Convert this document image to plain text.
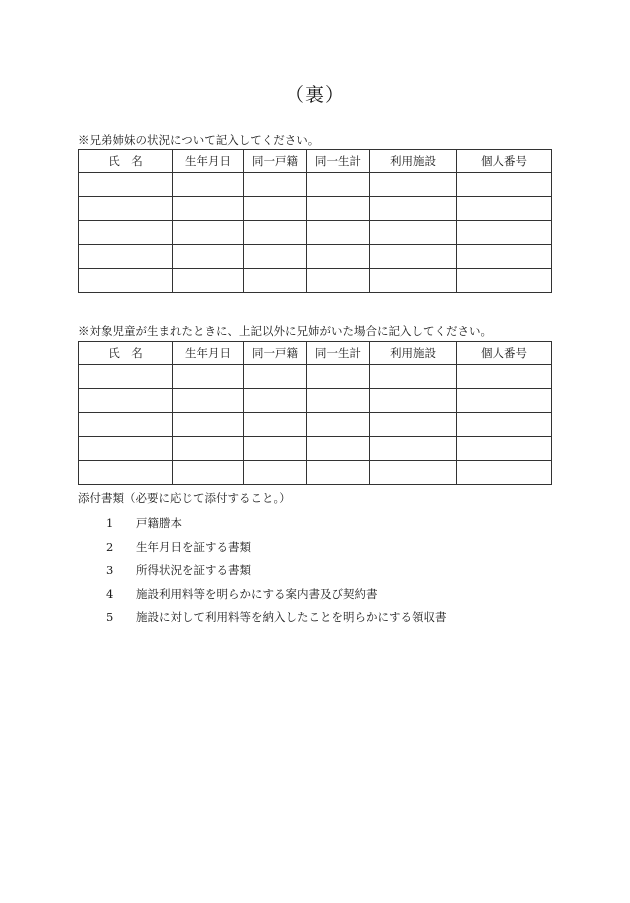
（裏）
※兄弟姉妹の状況について記入してください。
氏　名	生年月日	同一戸籍	同一生計	利用施設	個人番号

※対象児童が生まれたときに、上記以外に兄姉がいた場合に記入してください。
氏　名	生年月日	同一戸籍	同一生計	利用施設	個人番号

添付書類（必要に応じて添付すること。）
1 戸籍謄本
2 生年月日を証する書類
3 所得状況を証する書類
4 施設利用料等を明らかにする案内書及び契約書
5 施設に対して利用料等を納入したことを明らかにする領収書
